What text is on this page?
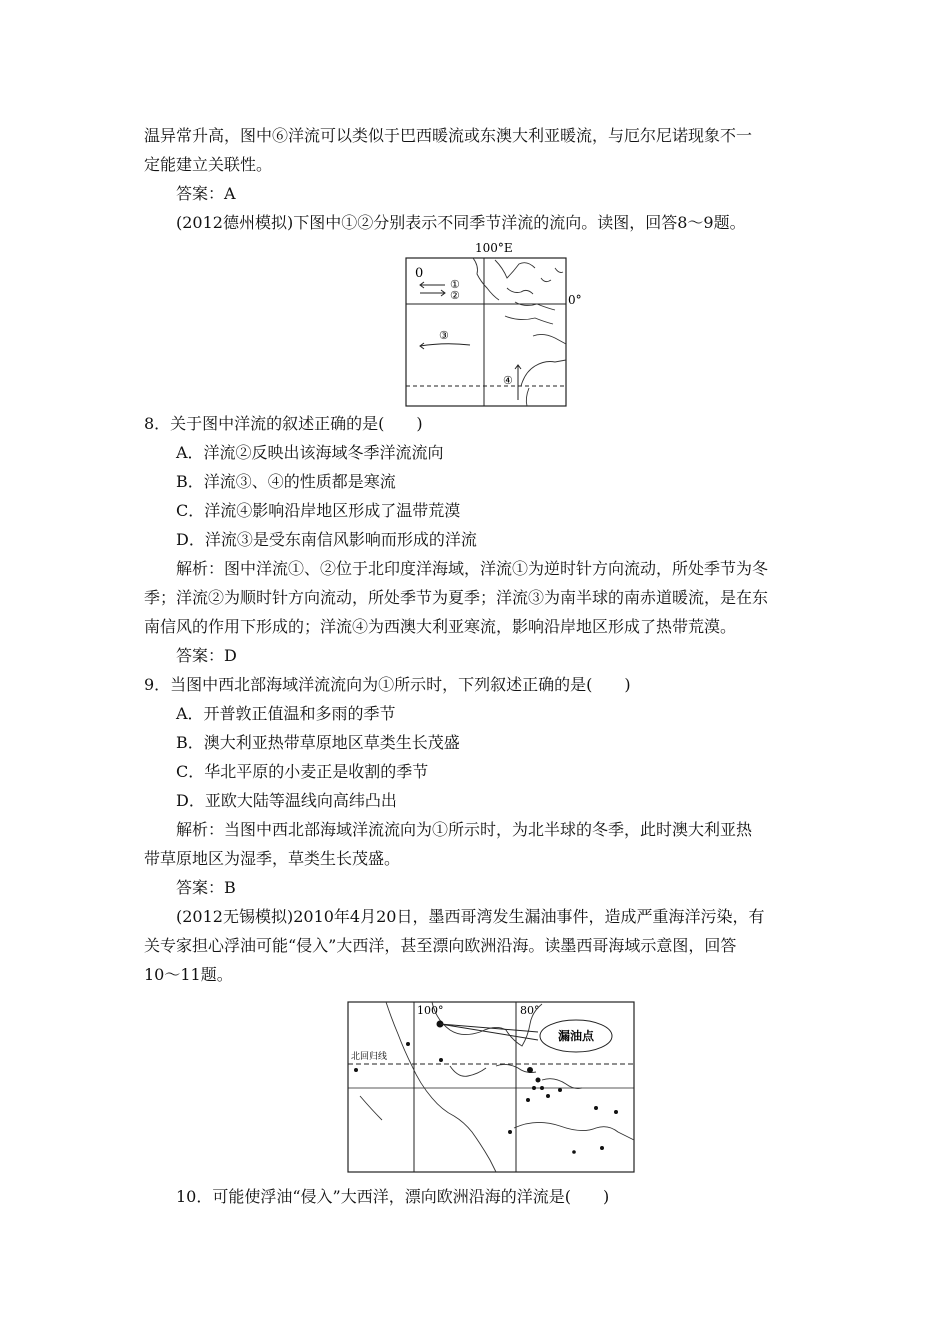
温异常升高，图中⑥洋流可以类似于巴西暖流或东澳大利亚暖流，与厄尔尼诺现象不一
定能建立关联性。
答案：A
(2012德州模拟)下图中①②分别表示不同季节洋流的流向。读图，回答8～9题。
100°E
0°
0
①
②
③
④
8．关于图中洋流的叙述正确的是(　　)
A．洋流②反映出该海域冬季洋流流向
B．洋流③、④的性质都是寒流
C．洋流④影响沿岸地区形成了温带荒漠
D．洋流③是受东南信风影响而形成的洋流
解析：图中洋流①、②位于北印度洋海域，洋流①为逆时针方向流动，所处季节为冬
季；洋流②为顺时针方向流动，所处季节为夏季；洋流③为南半球的南赤道暖流，是在东
南信风的作用下形成的；洋流④为西澳大利亚寒流，影响沿岸地区形成了热带荒漠。
答案：D
9．当图中西北部海域洋流流向为①所示时，下列叙述正确的是(　　)
A．开普敦正值温和多雨的季节
B．澳大利亚热带草原地区草类生长茂盛
C．华北平原的小麦正是收割的季节
D．亚欧大陆等温线向高纬凸出
解析：当图中西北部海域洋流流向为①所示时，为北半球的冬季，此时澳大利亚热
带草原地区为湿季，草类生长茂盛。
答案：B
(2012无锡模拟)2010年4月20日，墨西哥湾发生漏油事件，造成严重海洋污染，有
关专家担心浮油可能“侵入”大西洋，甚至漂向欧洲沿海。读墨西哥海域示意图，回答
10～11题。
100°	80°
北回归线
漏油点
10．可能使浮油“侵入”大西洋，漂向欧洲沿海的洋流是(　　)
